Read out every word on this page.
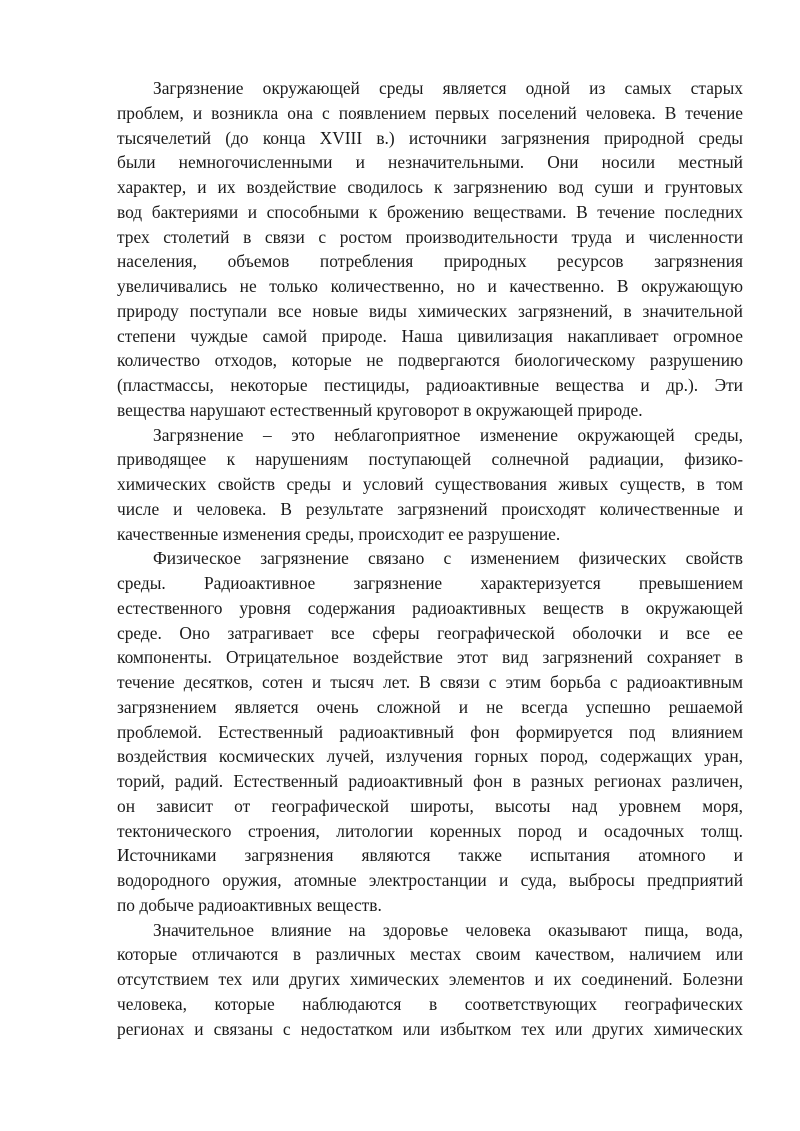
Загрязнение окружающей среды является одной из самых старых
проблем, и возникла она с появлением первых поселений человека. В течение
тысячелетий (до конца XVIII в.) источники загрязнения природной среды
были немногочисленными и незначительными. Они носили местный
характер, и их воздействие сводилось к загрязнению вод суши и грунтовых
вод бактериями и способными к брожению веществами. В течение последних
трех столетий в связи с ростом производительности труда и численности
населения, объемов потребления природных ресурсов загрязнения
увеличивались не только количественно, но и качественно. В окружающую
природу поступали все новые виды химических загрязнений, в значительной
степени чуждые самой природе. Наша цивилизация накапливает огромное
количество отходов, которые не подвергаются биологическому разрушению
(пластмассы, некоторые пестициды, радиоактивные вещества и др.). Эти
вещества нарушают естественный круговорот в окружающей природе.

Загрязнение – это неблагоприятное изменение окружающей среды,
приводящее к нарушениям поступающей солнечной радиации, физико-
химических свойств среды и условий существования живых существ, в том
числе и человека. В результате загрязнений происходят количественные и
качественные изменения среды, происходит ее разрушение.

Физическое загрязнение связано с изменением физических свойств
среды. Радиоактивное загрязнение характеризуется превышением
естественного уровня содержания радиоактивных веществ в окружающей
среде. Оно затрагивает все сферы географической оболочки и все ее
компоненты. Отрицательное воздействие этот вид загрязнений сохраняет в
течение десятков, сотен и тысяч лет. В связи с этим борьба с радиоактивным
загрязнением является очень сложной и не всегда успешно решаемой
проблемой. Естественный радиоактивный фон формируется под влиянием
воздействия космических лучей, излучения горных пород, содержащих уран,
торий, радий. Естественный радиоактивный фон в разных регионах различен,
он зависит от географической широты, высоты над уровнем моря,
тектонического строения, литологии коренных пород и осадочных толщ.
Источниками загрязнения являются также испытания атомного и
водородного оружия, атомные электростанции и суда, выбросы предприятий
по добыче радиоактивных веществ.

Значительное влияние на здоровье человека оказывают пища, вода,
которые отличаются в различных местах своим качеством, наличием или
отсутствием тех или других химических элементов и их соединений. Болезни
человека, которые наблюдаются в соответствующих географических
регионах и связаны с недостатком или избытком тех или других химических
